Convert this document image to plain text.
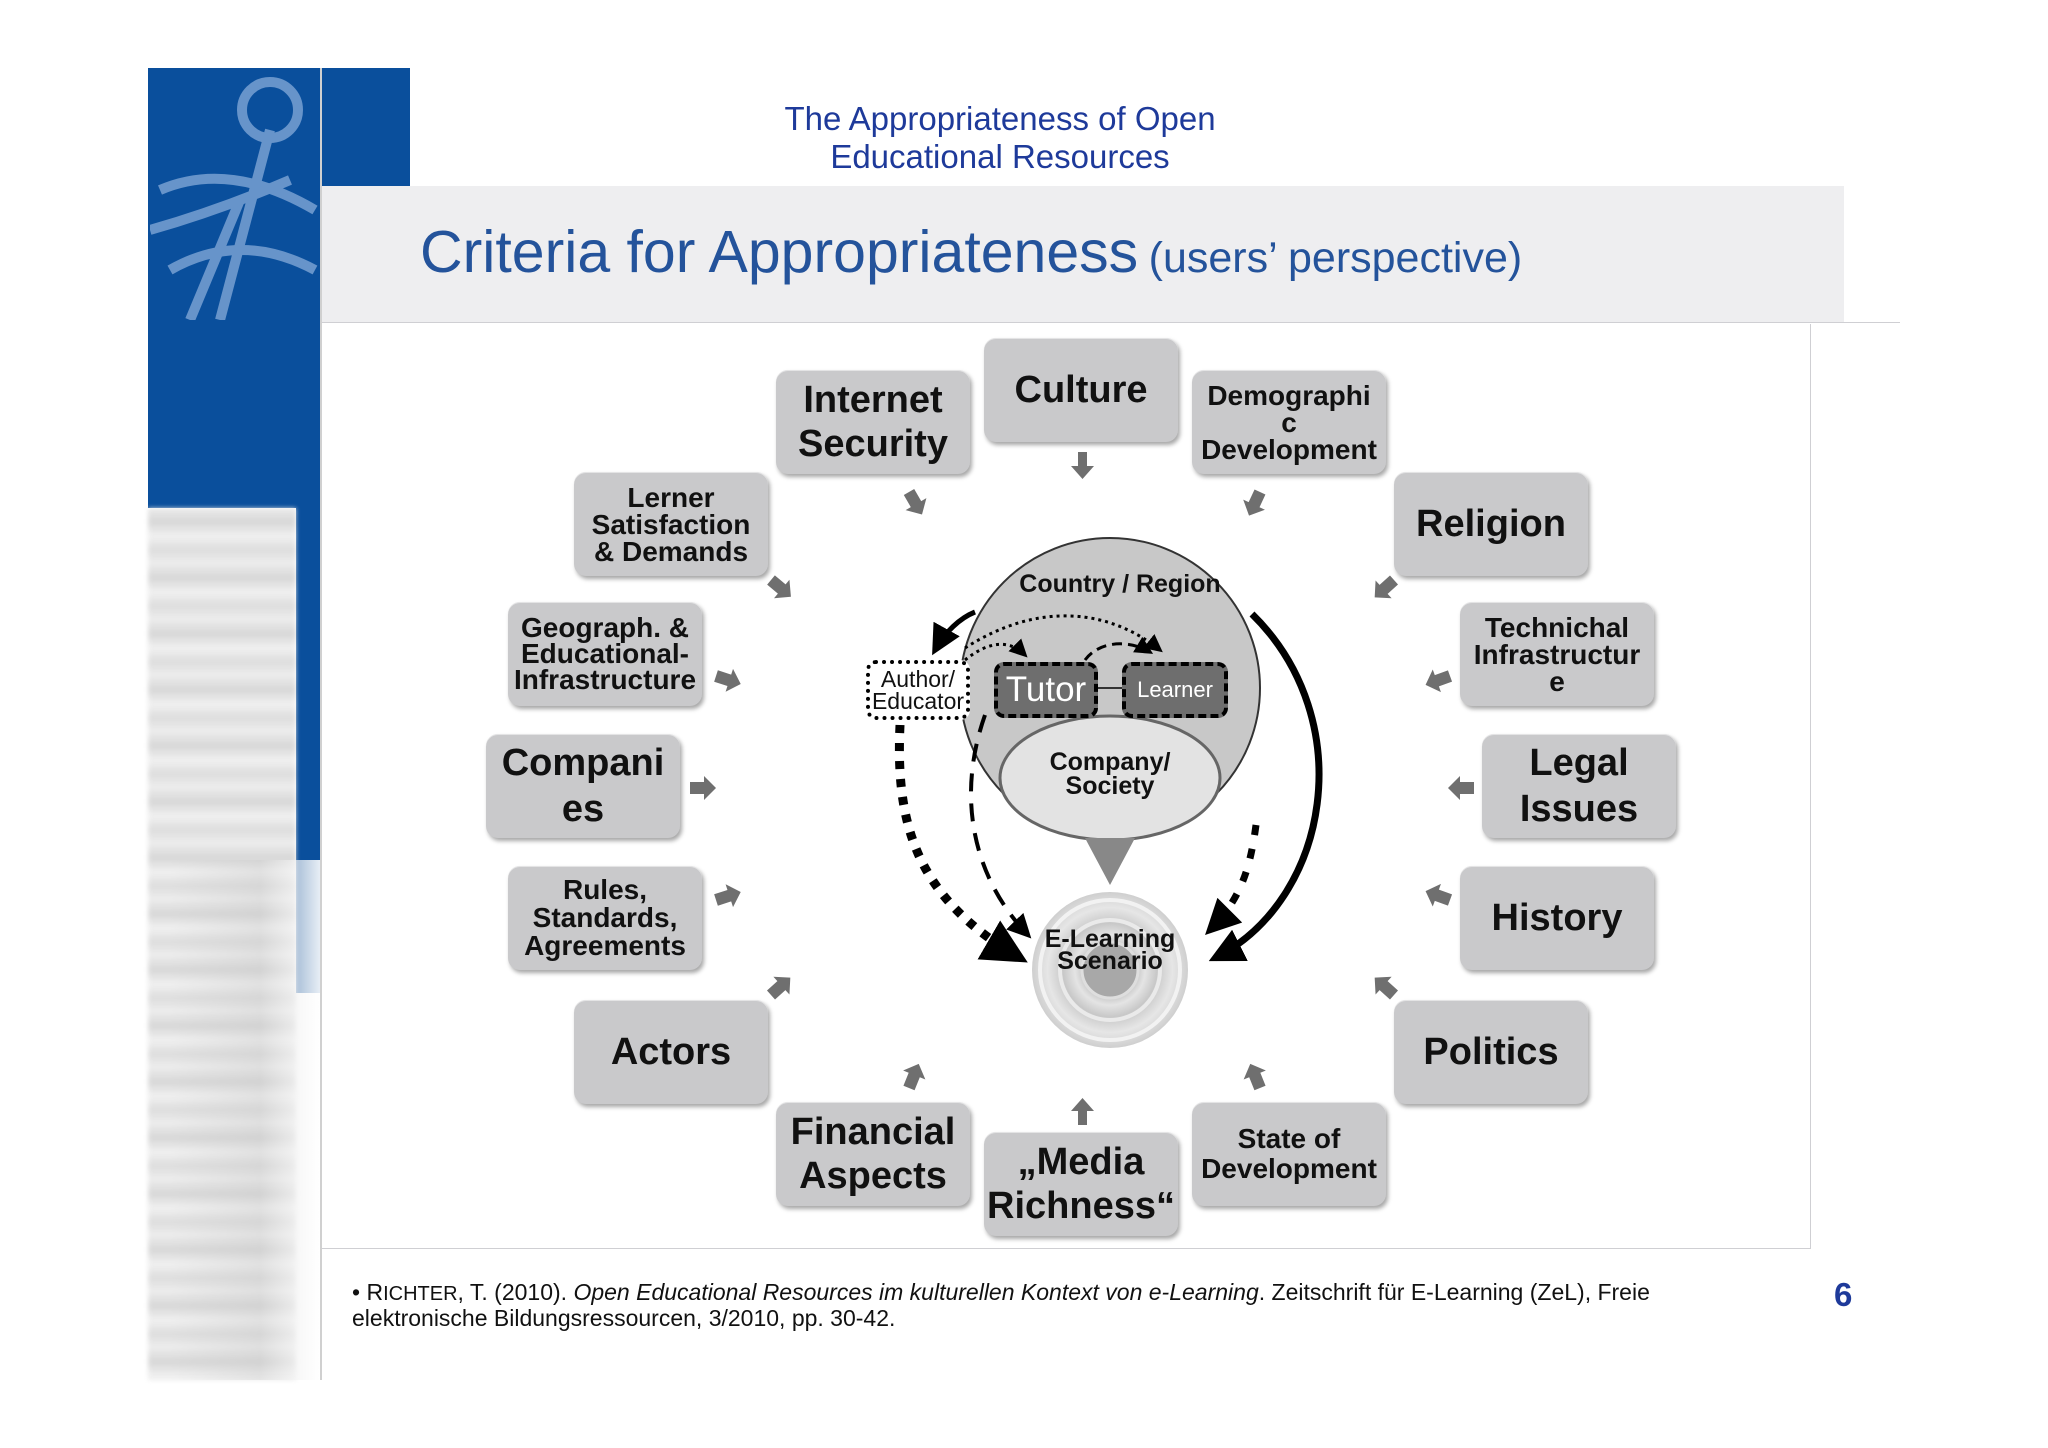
The Appropriateness of Open Educational Resources
Criteria for Appropriateness (users’ perspective)
Country / Region
Author/
Educator Tutor Learner
Company/
Society
E-Learning
Scenario
Culture
Internet
Security
Demographi
c
Development
Lerner
Satisfaction
& Demands
Religion
Geograph. &
Educational-
Infrastructure
Technichal
Infrastructur
e
Compani
es
Legal
Issues
Rules,
Standards,
Agreements
History
Actors	Politics
Financial
Aspects	„Media
Richness“
State of
Development
• RICHTER, T. (2010). Open Educational Resources im kulturellen Kontext von e-Learning. Zeitschrift für E-Learning (ZeL), Freie elektronische Bildungsressourcen, 3/2010, pp. 30-42.
6
